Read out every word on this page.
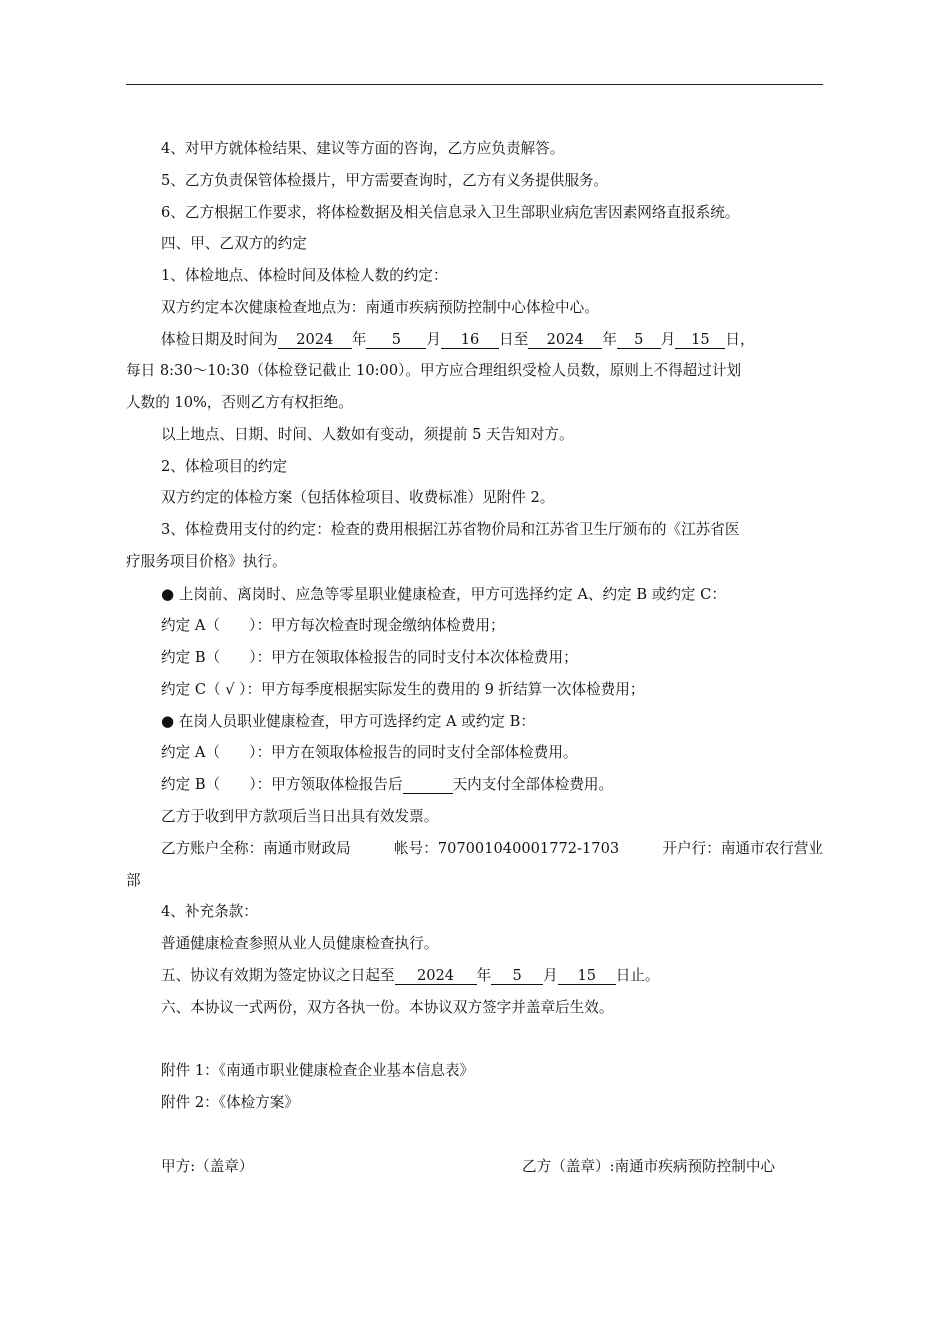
4、对甲方就体检结果、建议等方面的咨询，乙方应负责解答。
5、乙方负责保管体检摄片，甲方需要查询时，乙方有义务提供服务。
6、乙方根据工作要求，将体检数据及相关信息录入卫生部职业病危害因素网络直报系统。
四、甲、乙双方的约定
1、体检地点、体检时间及体检人数的约定：
双方约定本次健康检查地点为：南通市疾病预防控制中心体检中心。
体检日期及时间为 2024 年 5 月 16 日至 2024 年 5 月 15 日，
每日 8:30～10:30（体检登记截止 10:00）。甲方应合理组织受检人员数，原则上不得超过计划
人数的 10%，否则乙方有权拒绝。
以上地点、日期、时间、人数如有变动，须提前 5 天告知对方。
2、体检项目的约定
双方约定的体检方案（包括体检项目、收费标准）见附件 2。
3、体检费用支付的约定：检查的费用根据江苏省物价局和江苏省卫生厅颁布的《江苏省医
疗服务项目价格》执行。
● 上岗前、离岗时、应急等零星职业健康检查，甲方可选择约定 A、约定 B 或约定 C：
约定 A（　　）：甲方每次检查时现金缴纳体检费用；
约定 B（　　）：甲方在领取体检报告的同时支付本次体检费用；
约定 C（ √ ）：甲方每季度根据实际发生的费用的 9 折结算一次体检费用；
● 在岗人员职业健康检查，甲方可选择约定 A 或约定 B：
约定 A（　　）：甲方在领取体检报告的同时支付全部体检费用。
约定 B（　　）：甲方领取体检报告后	天内支付全部体检费用。
乙方于收到甲方款项后当日出具有效发票。
乙方账户全称：南通市财政局	帐号：707001040001772-1703	开户行：南通市农行营业
部
4、补充条款：
普通健康检查参照从业人员健康检查执行。
五、协议有效期为签定协议之日起至 2024 年 5 月 15 日止。
六、本协议一式两份，双方各执一份。本协议双方签字并盖章后生效。
附件 1：《南通市职业健康检查企业基本信息表》
附件 2：《体检方案》
甲方:（盖章）	乙方（盖章）:南通市疾病预防控制中心
